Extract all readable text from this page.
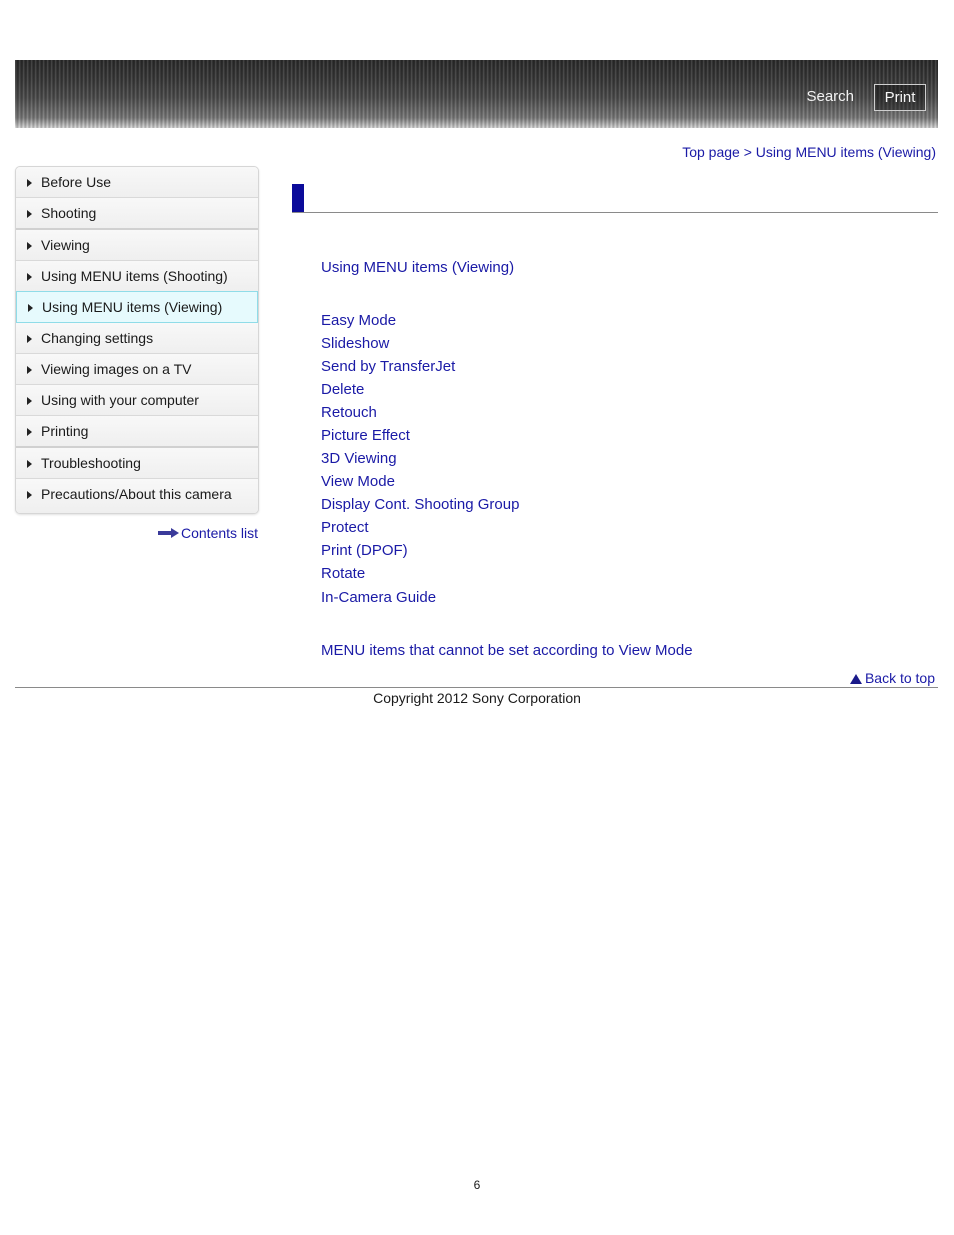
Search	Print
Top page > Using MENU items (Viewing)
Before Use
Shooting
Viewing
Using MENU items (Shooting)
Using MENU items (Viewing)
Changing settings
Viewing images on a TV
Using with your computer
Printing
Troubleshooting
Precautions/About this camera
Contents list
Using MENU items (Viewing)
Easy Mode
Slideshow
Send by TransferJet
Delete
Retouch
Picture Effect
3D Viewing
View Mode
Display Cont. Shooting Group
Protect
Print (DPOF)
Rotate
In-Camera Guide
MENU items that cannot be set according to View Mode
Back to top
Copyright 2012 Sony Corporation
6
